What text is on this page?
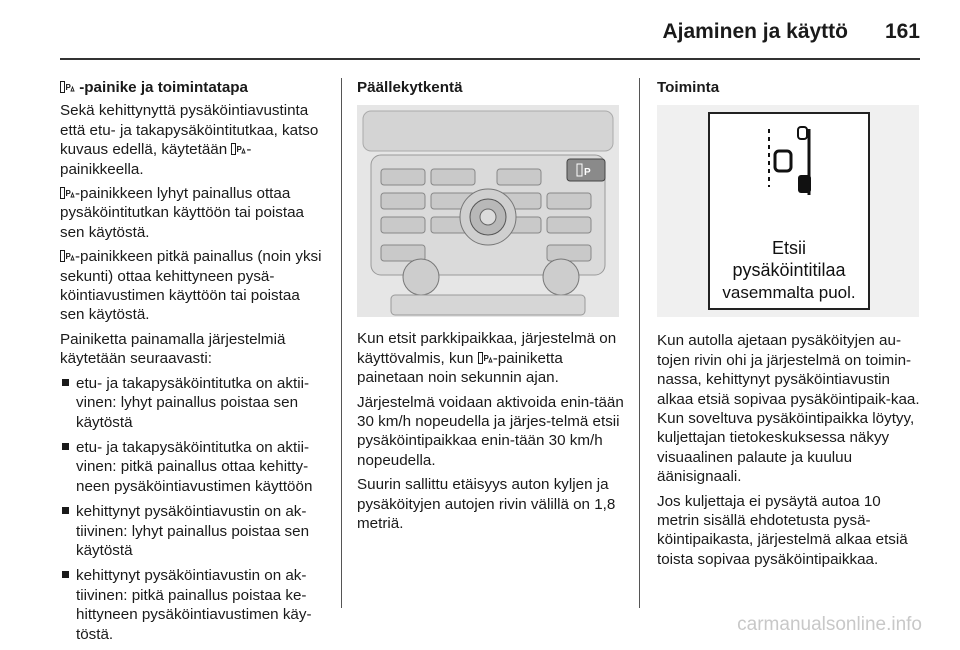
Ajaminen ja käyttö 161
-painike ja toimintatapa

Sekä kehittynyttä pysäköintiavustinta että etu- ja takapysäköintitutkaa, katso kuvaus edellä, käytetään -painikkeella.

-painikkeen lyhyt painallus ottaa pysäköintitutkan käyttöön tai poistaa sen käytöstä.

-painikkeen pitkä painallus (noin yksi sekunti) ottaa kehittyneen pysä-köintiavustimen käyttöön tai poistaa sen käytöstä.

Painiketta painamalla järjestelmiä käytetään seuraavasti:

etu- ja takapysäköintitutka on aktii-vinen: lyhyt painallus poistaa sen käytöstä
etu- ja takapysäköintitutka on aktii-vinen: pitkä painallus ottaa kehitty-neen pysäköintiavustimen käyttöön
kehittynyt pysäköintiavustin on ak-tiivinen: lyhyt painallus poistaa sen käytöstä
kehittynyt pysäköintiavustin on ak-tiivinen: pitkä painallus poistaa ke-hittyneen pysäköintiavustimen käy-töstä.
Päällekytkentä
P

Kun etsit parkkipaikkaa, järjestelmä on käyttövalmis, kun -painiketta painetaan noin sekunnin ajan.

Järjestelmä voidaan aktivoida enin-tään 30 km/h nopeudella ja järjes-telmä etsii pysäköintipaikkaa enin-tään 30 km/h nopeudella.

Suurin sallittu etäisyys auton kyljen ja pysäköityjen autojen rivin välillä on 1,8 metriä.

Toiminta
Etsii
pysäköintitilaa
vasemmalta puol.

Kun autolla ajetaan pysäköityjen au-tojen rivin ohi ja järjestelmä on toimin-nassa, kehittynyt pysäköintiavustin alkaa etsiä sopivaa pysäköintipaik-kaa. Kun soveltuva pysäköintipaikka löytyy, kuljettajan tietokeskuksessa näkyy visuaalinen palaute ja kuuluu äänisignaali.

Jos kuljettaja ei pysäytä autoa 10 metrin sisällä ehdotetusta pysä-köintipaikasta, järjestelmä alkaa etsiä toista sopivaa pysäköintipaikkaa.

carmanualsonline.info
